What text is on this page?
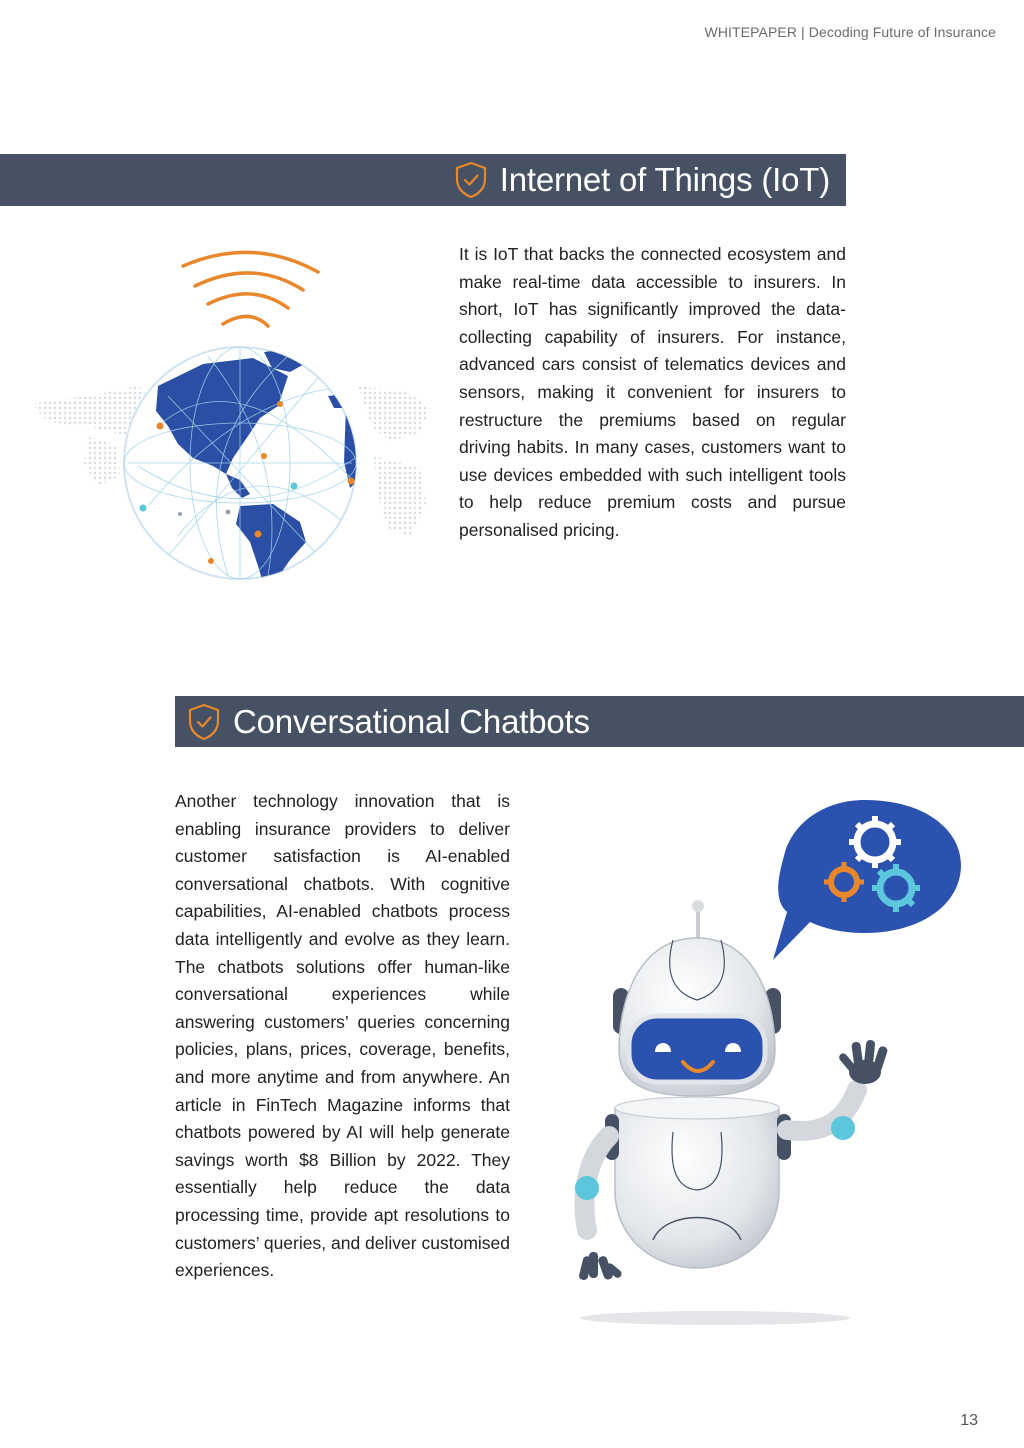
WHITEPAPER | Decoding Future of Insurance
Internet of Things (IoT)

It is IoT that backs the connected ecosystem and make real-time data accessible to insurers. In short, IoT has significantly improved the data-collecting capability of insurers. For instance, advanced cars consist of telematics devices and sensors, making it convenient for insurers to restructure the premiums based on regular driving habits. In many cases, customers want to use devices embedded with such intelligent tools to help reduce premium costs and pursue personalised pricing.

Conversational Chatbots

Another technology innovation that is enabling insurance providers to deliver customer satisfaction is AI-enabled conversational chatbots. With cognitive capabilities, AI-enabled chatbots process data intelligently and evolve as they learn. The chatbots solutions offer human-like conversational experiences while answering customers’ queries concerning policies, plans, prices, coverage, benefits, and more anytime and from anywhere. An article in FinTech Magazine informs that chatbots powered by AI will help generate savings worth $8 Billion by 2022. They essentially help reduce the data processing time, provide apt resolutions to customers’ queries, and deliver customised experiences.

13
